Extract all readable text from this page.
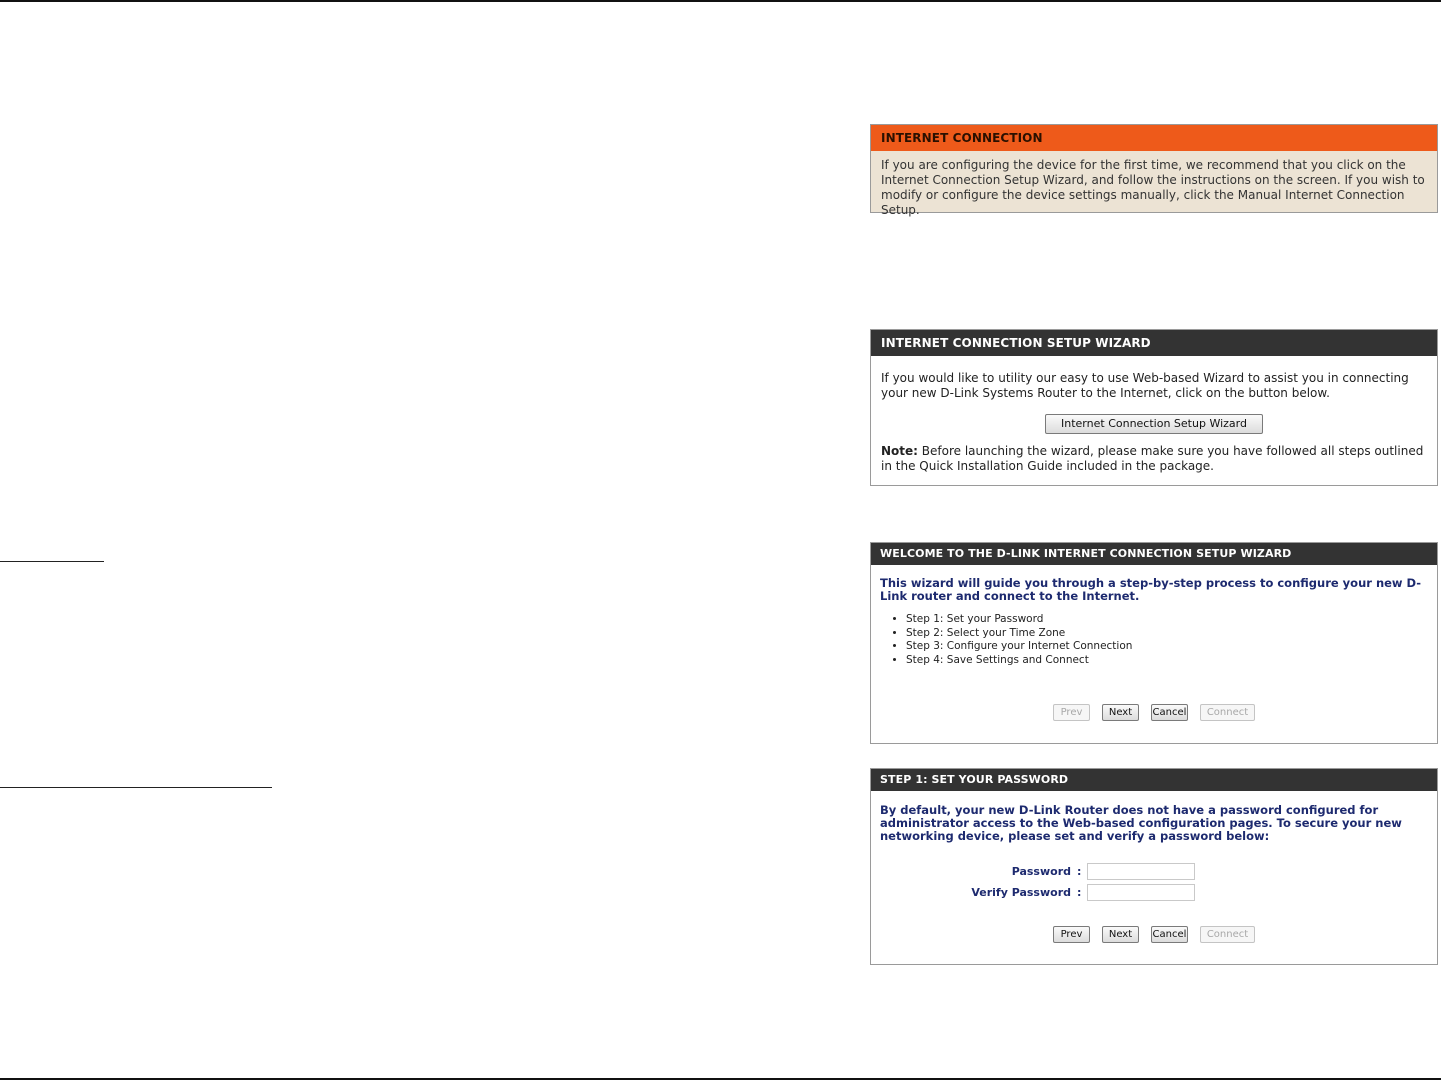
INTERNET CONNECTION
If you are configuring the device for the first time, we recommend that you click on the Internet Connection Setup Wizard, and follow the instructions on the screen. If you wish to modify or configure the device settings manually, click the Manual Internet Connection Setup.
INTERNET CONNECTION SETUP WIZARD
If you would like to utility our easy to use Web-based Wizard to assist you in connecting your new D-Link Systems Router to the Internet, click on the button below.
Internet Connection Setup Wizard
Note: Before launching the wizard, please make sure you have followed all steps outlined in the Quick Installation Guide included in the package.
WELCOME TO THE D-LINK INTERNET CONNECTION SETUP WIZARD
This wizard will guide you through a step-by-step process to configure your new D-Link router and connect to the Internet.
• Step 1: Set your Password
• Step 2: Select your Time Zone
• Step 3: Configure your Internet Connection
• Step 4: Save Settings and Connect
Prev	Next Cancel Connect
STEP 1: SET YOUR PASSWORD
By default, your new D-Link Router does not have a password configured for administrator access to the Web-based configuration pages. To secure your new networking device, please set and verify a password below:
Password :
Verify Password :
Prev	Next Cancel Connect
